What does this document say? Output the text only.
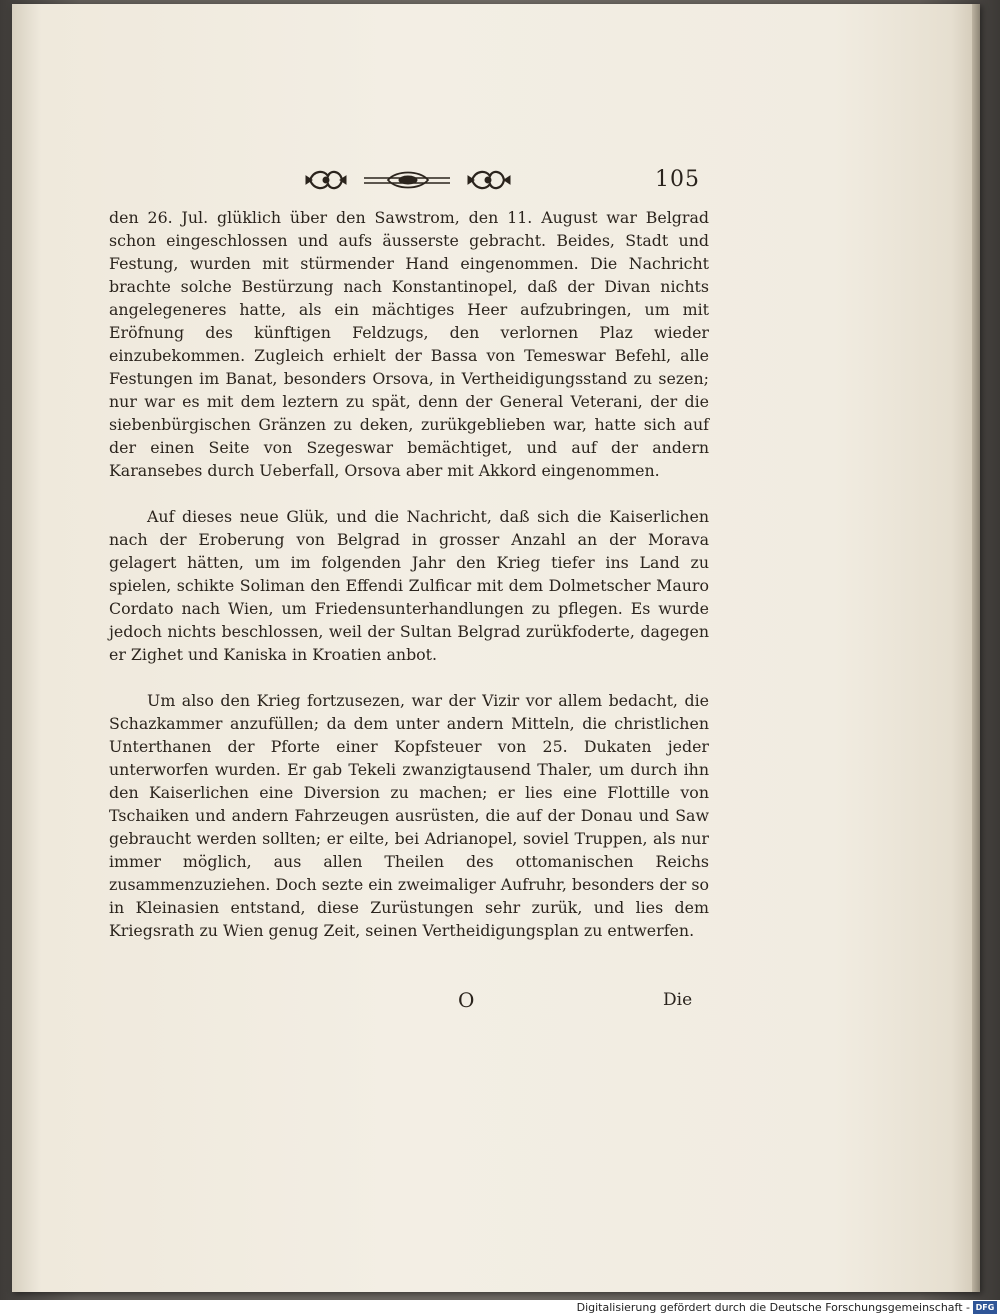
105

den 26. Jul. glüklich über den Sawstrom, den 11. August war Belgrad schon eingeschlossen und aufs äusserste gebracht. Beides, Stadt und Festung, wurden mit stürmender Hand eingenommen. Die Nachricht brachte solche Bestürzung nach Konstantinopel, daß der Divan nichts angelegeneres hatte, als ein mächtiges Heer aufzubringen, um mit Eröfnung des künftigen Feldzugs, den verlornen Plaz wieder einzubekommen. Zugleich erhielt der Bassa von Temeswar Befehl, alle Festungen im Banat, besonders Orsova, in Vertheidigungsstand zu sezen; nur war es mit dem leztern zu spät, denn der General Veterani, der die siebenbürgischen Gränzen zu deken, zurükgeblieben war, hatte sich auf der einen Seite von Szegeswar bemächtiget, und auf der andern Karansebes durch Ueberfall, Orsova aber mit Akkord eingenommen.

Auf dieses neue Glük, und die Nachricht, daß sich die Kaiserlichen nach der Eroberung von Belgrad in grosser Anzahl an der Morava gelagert hätten, um im folgenden Jahr den Krieg tiefer ins Land zu spielen, schikte Soliman den Effendi Zulficar mit dem Dolmetscher Mauro Cordato nach Wien, um Friedensunterhandlungen zu pflegen. Es wurde jedoch nichts beschlossen, weil der Sultan Belgrad zurükfoderte, dagegen er Zighet und Kaniska in Kroatien anbot.

Um also den Krieg fortzusezen, war der Vizir vor allem bedacht, die Schazkammer anzufüllen; da dem unter andern Mitteln, die christlichen Unterthanen der Pforte einer Kopfsteuer von 25. Dukaten jeder unterworfen wurden. Er gab Tekeli zwanzigtausend Thaler, um durch ihn den Kaiserlichen eine Diversion zu machen; er lies eine Flottille von Tschaiken und andern Fahrzeugen ausrüsten, die auf der Donau und Saw gebraucht werden sollten; er eilte, bei Adrianopel, soviel Truppen, als nur immer möglich, aus allen Theilen des ottomanischen Reichs zusammenzuziehen. Doch sezte ein zweimaliger Aufruhr, besonders der so in Kleinasien entstand, diese Zurüstungen sehr zurük, und lies dem Kriegsrath zu Wien genug Zeit, seinen Vertheidigungsplan zu entwerfen.

O	Die
Digitalisierung gefördert durch die Deutsche Forschungsgemeinschaft - DFG
